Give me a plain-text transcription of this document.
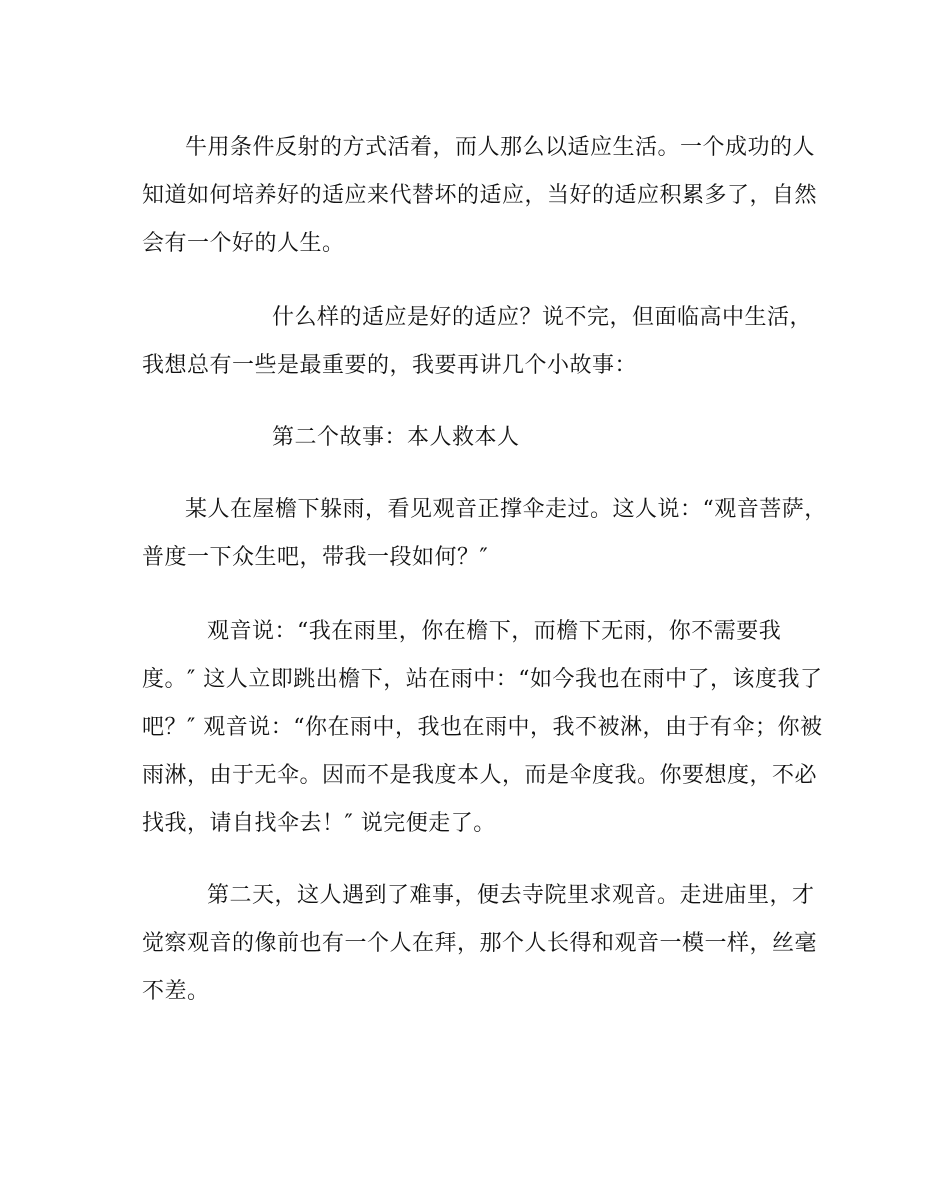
牛用条件反射的方式活着，而人那么以适应生活。一个成功的人
知道如何培养好的适应来代替坏的适应，当好的适应积累多了，自然
会有一个好的人生。
什么样的适应是好的适应？说不完，但面临高中生活，
我想总有一些是最重要的，我要再讲几个小故事：
第二个故事：本人救本人
某人在屋檐下躲雨，看见观音正撑伞走过。这人说：“观音菩萨，
普度一下众生吧，带我一段如何？″
观音说：“我在雨里，你在檐下，而檐下无雨，你不需要我
度。″ 这人立即跳出檐下，站在雨中：“如今我也在雨中了，该度我了
吧？″ 观音说：“你在雨中，我也在雨中，我不被淋，由于有伞；你被
雨淋，由于无伞。因而不是我度本人，而是伞度我。你要想度，不必
找我，请自找伞去！″ 说完便走了。
第二天，这人遇到了难事，便去寺院里求观音。走进庙里，才
觉察观音的像前也有一个人在拜，那个人长得和观音一模一样，丝毫
不差。
